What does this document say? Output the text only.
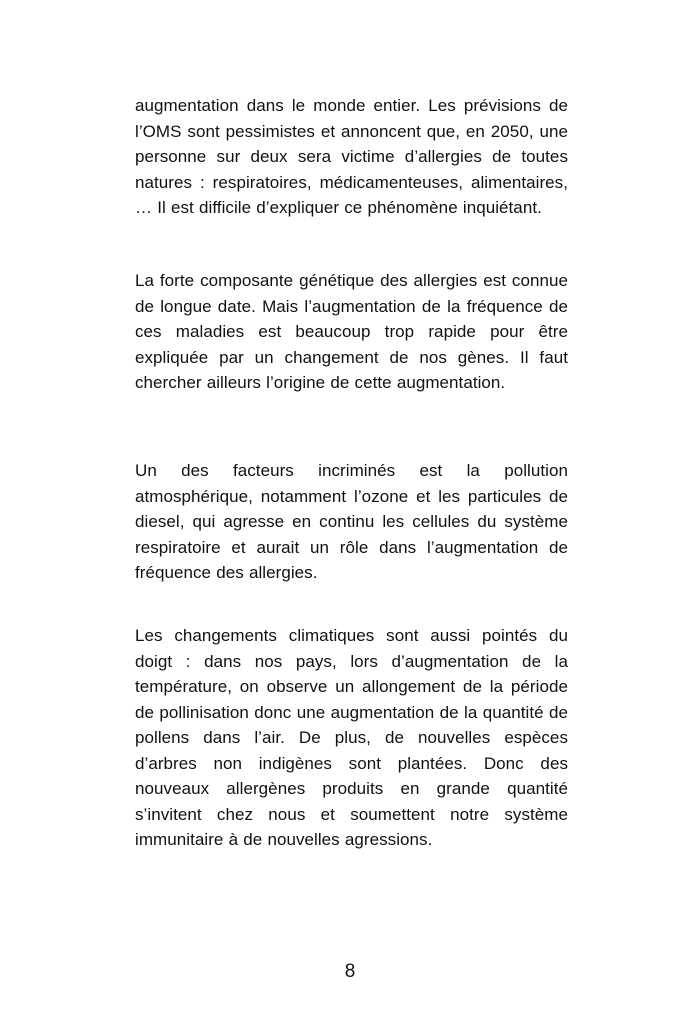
augmentation dans le monde entier. Les prévisions de l’OMS sont pessimistes et annoncent que, en 2050, une personne sur deux sera victime d’allergies de toutes natures : respiratoires, médicamenteuses, alimentaires, … Il est difficile d’expliquer ce phénomène inquiétant.

La forte composante génétique des allergies est connue de longue date. Mais l’augmentation de la fréquence de ces maladies est beaucoup trop rapide pour être expliquée par un changement de nos gènes. Il faut chercher ailleurs l’origine de cette augmentation.

Un des facteurs incriminés est la pollution atmosphérique, notamment l’ozone et les particules de diesel, qui agresse en continu les cellules du système respiratoire et aurait un rôle dans l’augmentation de fréquence des allergies.

Les changements climatiques sont aussi pointés du doigt : dans nos pays, lors d’augmentation de la température, on observe un allongement de la période de pollinisation donc une augmentation de la quantité de pollens dans l’air. De plus, de nouvelles espèces d’arbres non indigènes sont plantées. Donc des nouveaux allergènes produits en grande quantité s’invitent chez nous et soumettent notre système immunitaire à de nouvelles agressions.

8
